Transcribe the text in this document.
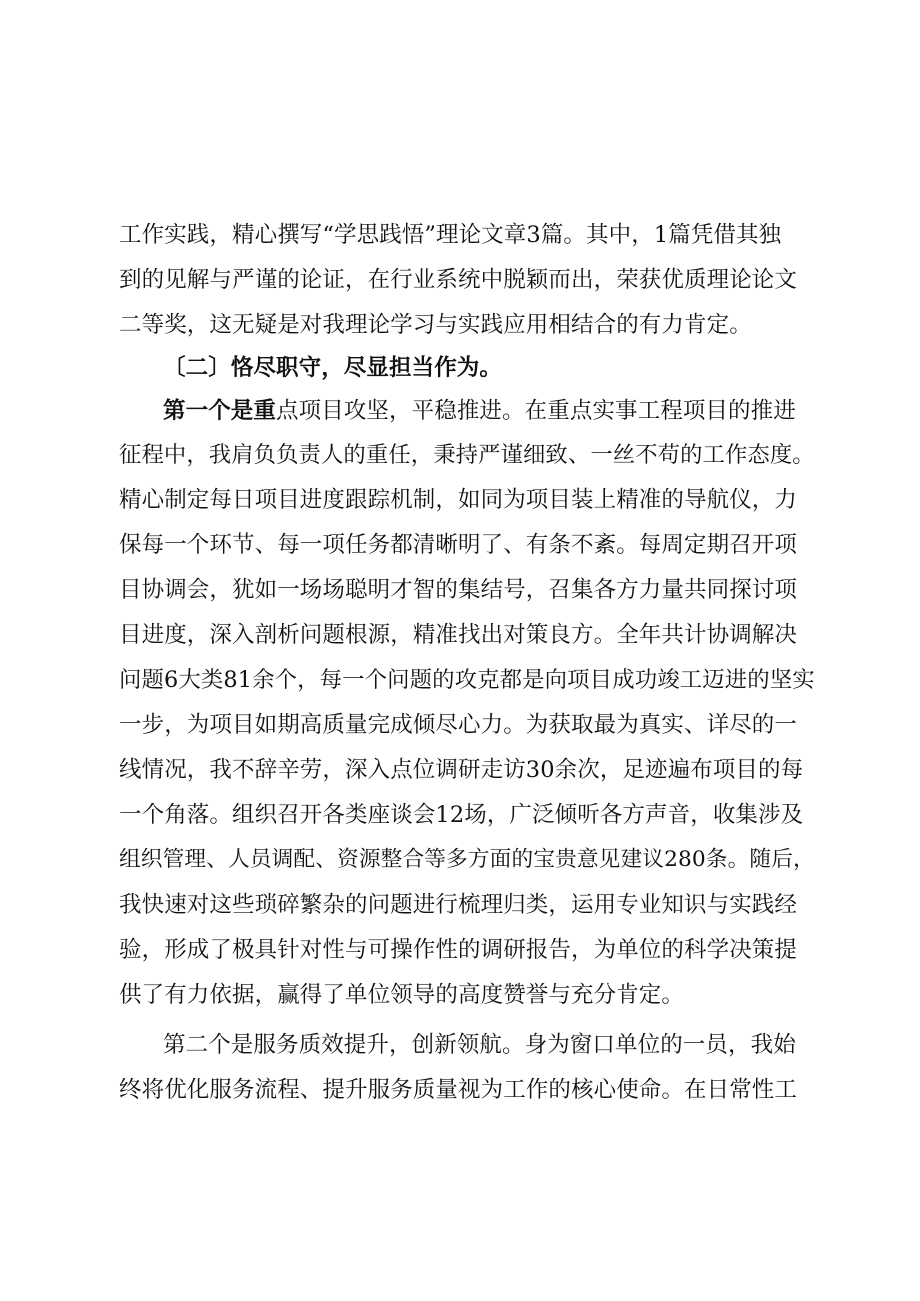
工作实践，精心撰写“学思践悟”理论文章3篇。其中，1篇凭借其独
到的见解与严谨的论证，在行业系统中脱颖而出，荣获优质理论论文
二等奖，这无疑是对我理论学习与实践应用相结合的有力肯定。
〔二〕恪尽职守，尽显担当作为。
第一个是重点项目攻坚，平稳推进。在重点实事工程项目的推进
征程中，我肩负负责人的重任，秉持严谨细致、一丝不苟的工作态度。
精心制定每日项目进度跟踪机制，如同为项目装上精准的导航仪，力
保每一个环节、每一项任务都清晰明了、有条不紊。每周定期召开项
目协调会，犹如一场场聪明才智的集结号，召集各方力量共同探讨项
目进度，深入剖析问题根源，精准找出对策良方。全年共计协调解决
问题6大类81余个，每一个问题的攻克都是向项目成功竣工迈进的坚实
一步，为项目如期高质量完成倾尽心力。为获取最为真实、详尽的一
线情况，我不辞辛劳，深入点位调研走访30余次，足迹遍布项目的每
一个角落。组织召开各类座谈会12场，广泛倾听各方声音，收集涉及
组织管理、人员调配、资源整合等多方面的宝贵意见建议280条。随后，
我快速对这些琐碎繁杂的问题进行梳理归类，运用专业知识与实践经
验，形成了极具针对性与可操作性的调研报告，为单位的科学决策提
供了有力依据，赢得了单位领导的高度赞誉与充分肯定。
第二个是服务质效提升，创新领航。身为窗口单位的一员，我始
终将优化服务流程、提升服务质量视为工作的核心使命。在日常性工
